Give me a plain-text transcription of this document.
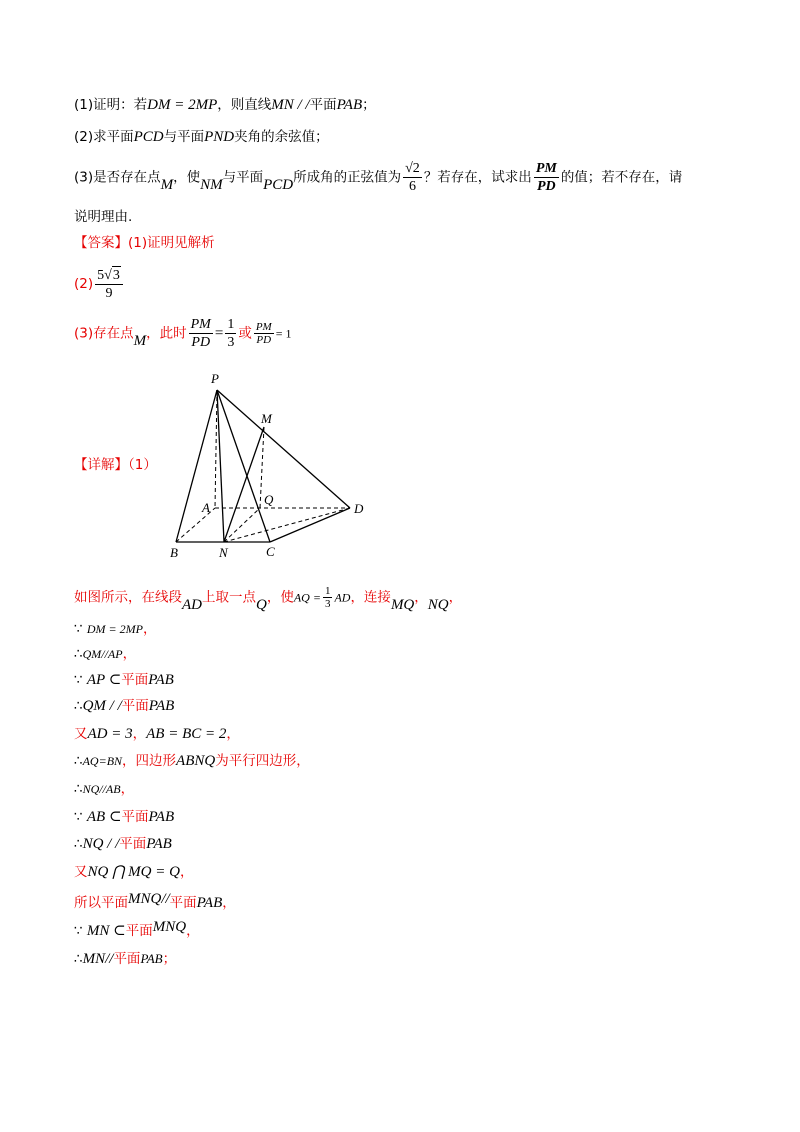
(1)证明：若DM = 2MP，则直线MN / /平面PAB；
(2)求平面PCD与平面PND夹角的余弦值；
(3)是否存在点M，使NM与平面PCD所成角的正弦值为 $\frac{√2}{6}$ ？若存在，试求出 $\frac{PM}{PD}$ 的值；若不存在，请
说明理由.
【答案】(1)证明见解析
$(2) \frac{5√3}{9}$
(3)存在点M，此时 $\frac{PM}{PD} = \frac{1}{3}$ 或 $\frac{PM}{PD} = 1$
【详解】（1）
P
M
A
Q
D
B	N	C
如图所示，在线段AD上取一点Q，使AQ = $\frac{1}{3}$ AD，连接MQ，NQ，
∵ DM = 2MP，
∴QM//AP，
∵ AP ⊂平面PAB
∴QM / /平面PAB
又AD = 3，AB = BC = 2，
∴AQ=BN，四边形ABNQ为平行四边形，
∴NQ//AB，
∵ AB ⊂平面PAB
∴NQ / /平面PAB
又NQ ⋂ MQ = Q，
所以平面MNQ//平面PAB，
∵ MN ⊂平面MNQ，
∴MN//平面PAB；
